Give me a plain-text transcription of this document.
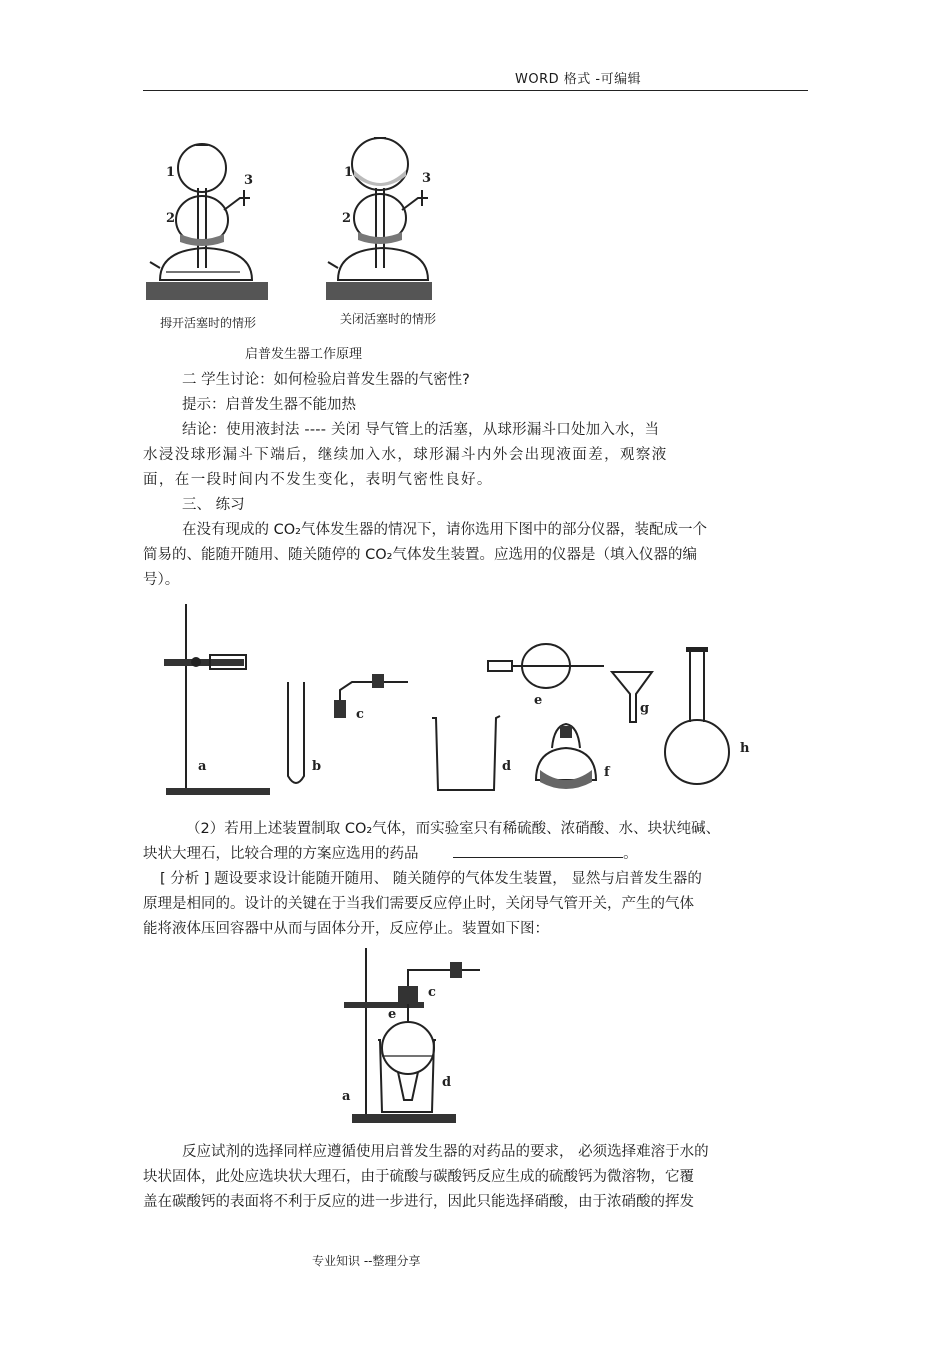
WORD 格式 -可编辑
1
2
3
1
2
3
拇开活塞时的情形	关闭活塞时的情形
启普发生器工作原理
二 学生讨论：如何检验启普发生器的气密性?
提示：启普发生器不能加热
结论：使用液封法 ---- 关闭 导气管上的活塞，从球形漏斗口处加入水，当
水浸没球形漏斗下端后，继续加入水，球形漏斗内外会出现液面差，观察液
面，在一段时间内不发生变化，表明气密性良好。
三、 练习
在没有现成的 CO₂气体发生器的情况下，请你选用下图中的部分仪器，装配成一个
简易的、能随开随用、随关随停的 CO₂气体发生装置。应选用的仪器是（填入仪器的编
号）。
a	b
c
d
e
f
g
h
（2）若用上述装置制取 CO₂气体，而实验室只有稀硫酸、浓硝酸、水、块状纯碱、
块状大理石，比较合理的方案应选用的药品	。
[ 分析 ] 题设要求设计能随开随用、 随关随停的气体发生装置， 显然与启普发生器的
原理是相同的。设计的关键在于当我们需要反应停止时，关闭导气管开关，产生的气体
能将液体压回容器中从而与固体分开，反应停止。装置如下图：
a
c
e
d
反应试剂的选择同样应遵循使用启普发生器的对药品的要求， 必须选择难溶于水的
块状固体，此处应选块状大理石，由于硫酸与碳酸钙反应生成的硫酸钙为微溶物，它覆
盖在碳酸钙的表面将不利于反应的进一步进行，因此只能选择硝酸，由于浓硝酸的挥发
专业知识 --整理分享
